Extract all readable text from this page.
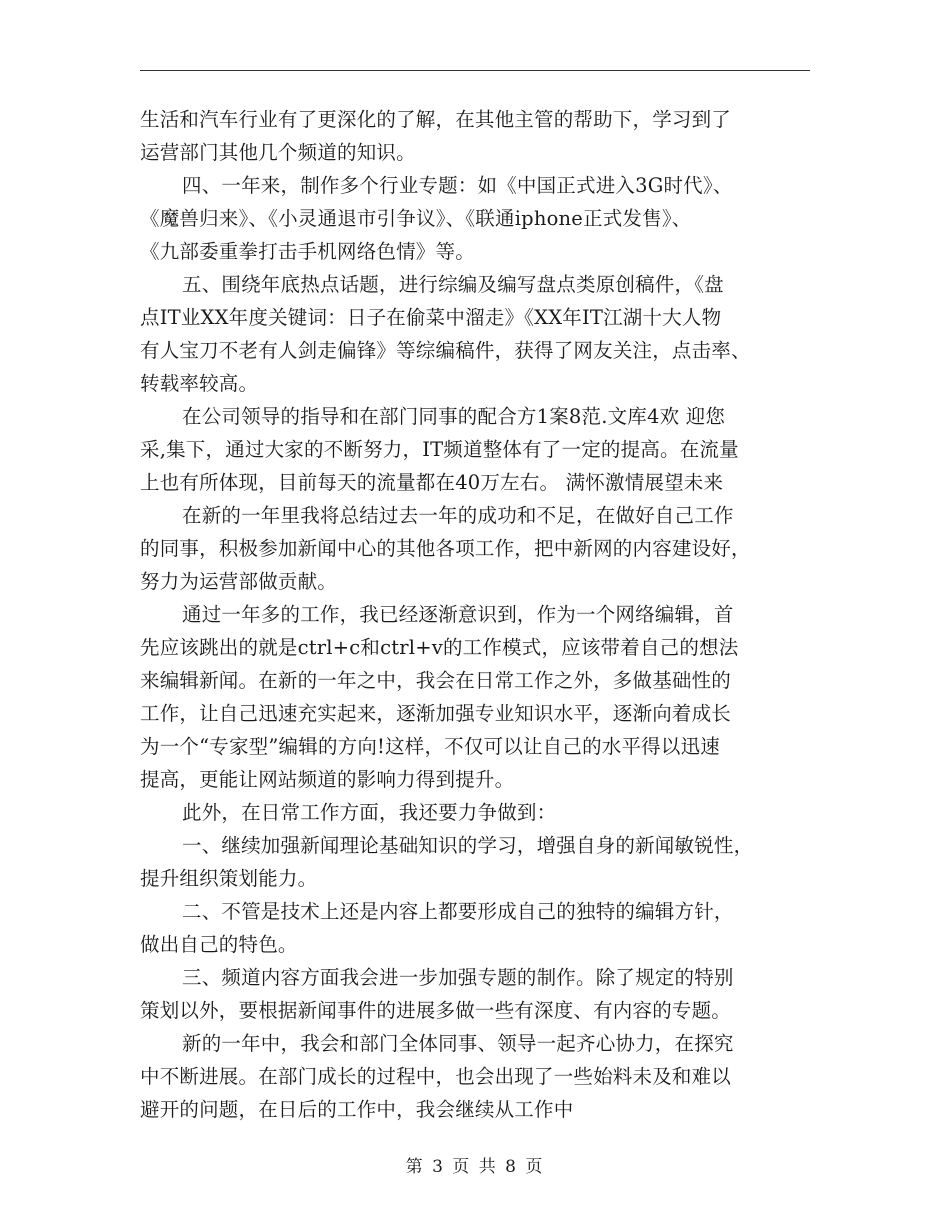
生活和汽车行业有了更深化的了解，在其他主管的帮助下，学习到了
运营部门其他几个频道的知识。
四、一年来，制作多个行业专题：如《中国正式进入3G时代》、
《魔兽归来》、《小灵通退市引争议》、《联通iphone正式发售》、
《九部委重拳打击手机网络色情》等。
五、围绕年底热点话题，进行综编及编写盘点类原创稿件，《盘
点IT业XX年度关键词：日子在偷菜中溜走》《XX年IT江湖十大人物
有人宝刀不老有人剑走偏锋》等综编稿件，获得了网友关注，点击率、
转载率较高。
在公司领导的指导和在部门同事的配合方1案8范.文库4欢 迎您
采,集下，通过大家的不断努力，IT频道整体有了一定的提高。在流量
上也有所体现，目前每天的流量都在40万左右。 满怀激情展望未来
在新的一年里我将总结过去一年的成功和不足，在做好自己工作
的同事，积极参加新闻中心的其他各项工作，把中新网的内容建设好，
努力为运营部做贡献。
通过一年多的工作，我已经逐渐意识到，作为一个网络编辑，首
先应该跳出的就是ctrl+c和ctrl+v的工作模式，应该带着自己的想法
来编辑新闻。在新的一年之中，我会在日常工作之外，多做基础性的
工作，让自己迅速充实起来，逐渐加强专业知识水平，逐渐向着成长
为一个“专家型”编辑的方向!这样，不仅可以让自己的水平得以迅速
提高，更能让网站频道的影响力得到提升。
此外，在日常工作方面，我还要力争做到：
一、继续加强新闻理论基础知识的学习，增强自身的新闻敏锐性，
提升组织策划能力。
二、不管是技术上还是内容上都要形成自己的独特的编辑方针，
做出自己的特色。
三、频道内容方面我会进一步加强专题的制作。除了规定的特别
策划以外，要根据新闻事件的进展多做一些有深度、有内容的专题。
新的一年中，我会和部门全体同事、领导一起齐心协力，在探究
中不断进展。在部门成长的过程中，也会出现了一些始料未及和难以
避开的问题，在日后的工作中，我会继续从工作中
第 3 页 共 8 页
